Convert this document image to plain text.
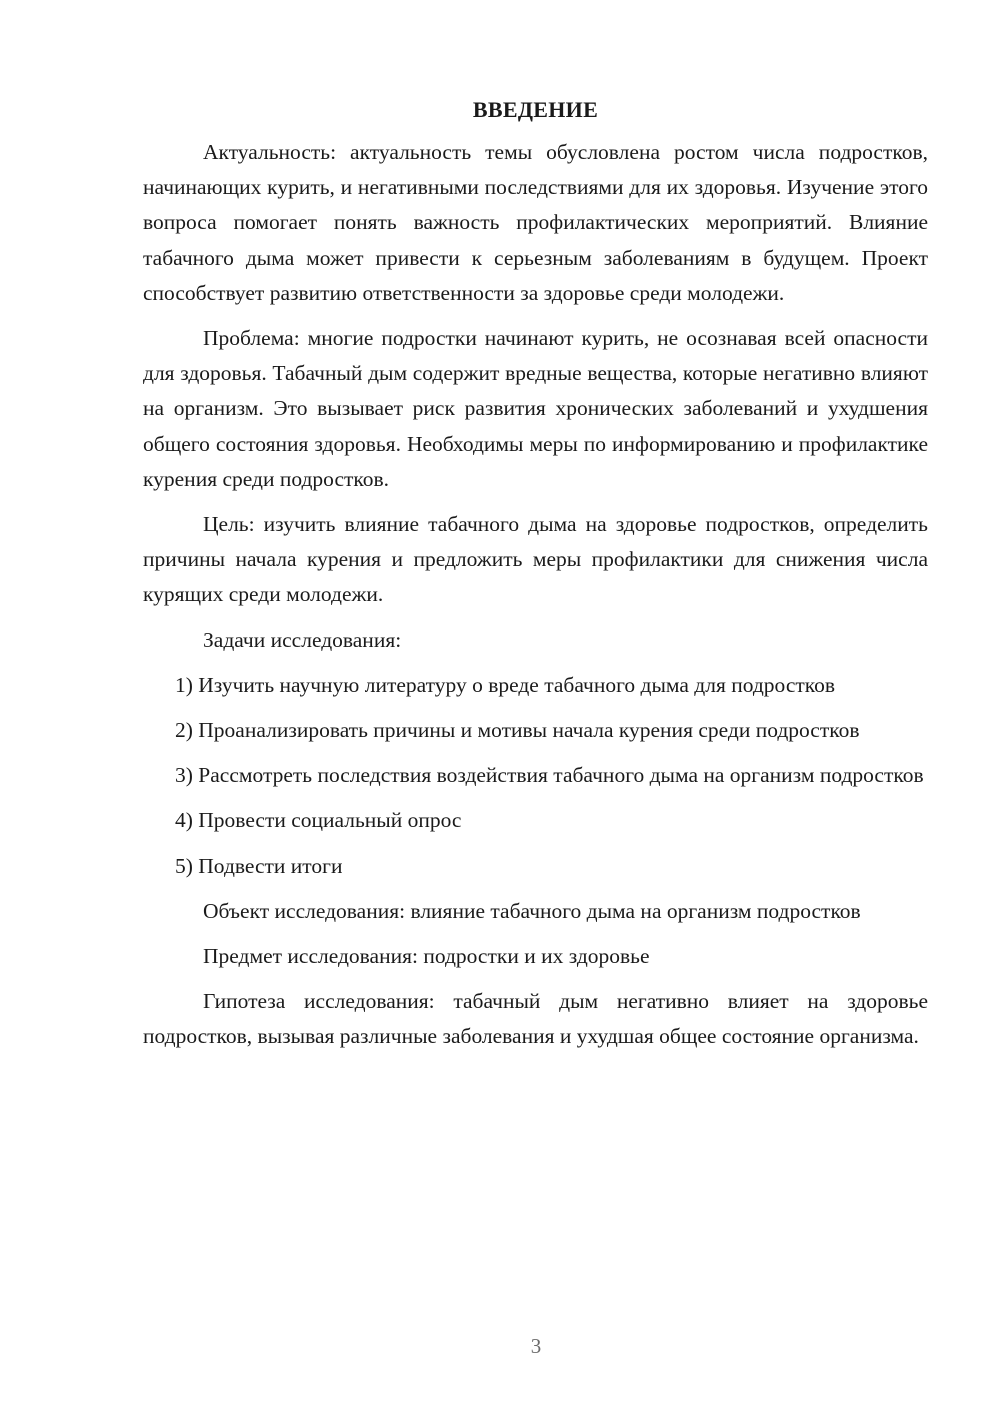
ВВЕДЕНИЕ
Актуальность: актуальность темы обусловлена ростом числа подростков, начинающих курить, и негативными последствиями для их здоровья. Изучение этого вопроса помогает понять важность профилактических мероприятий. Влияние табачного дыма может привести к серьезным заболеваниям в будущем. Проект способствует развитию ответственности за здоровье среди молодежи.
Проблема: многие подростки начинают курить, не осознавая всей опасности для здоровья. Табачный дым содержит вредные вещества, которые негативно влияют на организм. Это вызывает риск развития хронических заболеваний и ухудшения общего состояния здоровья. Необходимы меры по информированию и профилактике курения среди подростков.
Цель: изучить влияние табачного дыма на здоровье подростков, определить причины начала курения и предложить меры профилактики для снижения числа курящих среди молодежи.
Задачи исследования:
1) Изучить научную литературу о вреде табачного дыма для подростков
2) Проанализировать причины и мотивы начала курения среди подростков
3) Рассмотреть последствия воздействия табачного дыма на организм подростков
4) Провести социальный опрос
5) Подвести итоги
Объект исследования: влияние табачного дыма на организм подростков
Предмет исследования: подростки и их здоровье
Гипотеза исследования: табачный дым негативно влияет на здоровье подростков, вызывая различные заболевания и ухудшая общее состояние организма.
3
